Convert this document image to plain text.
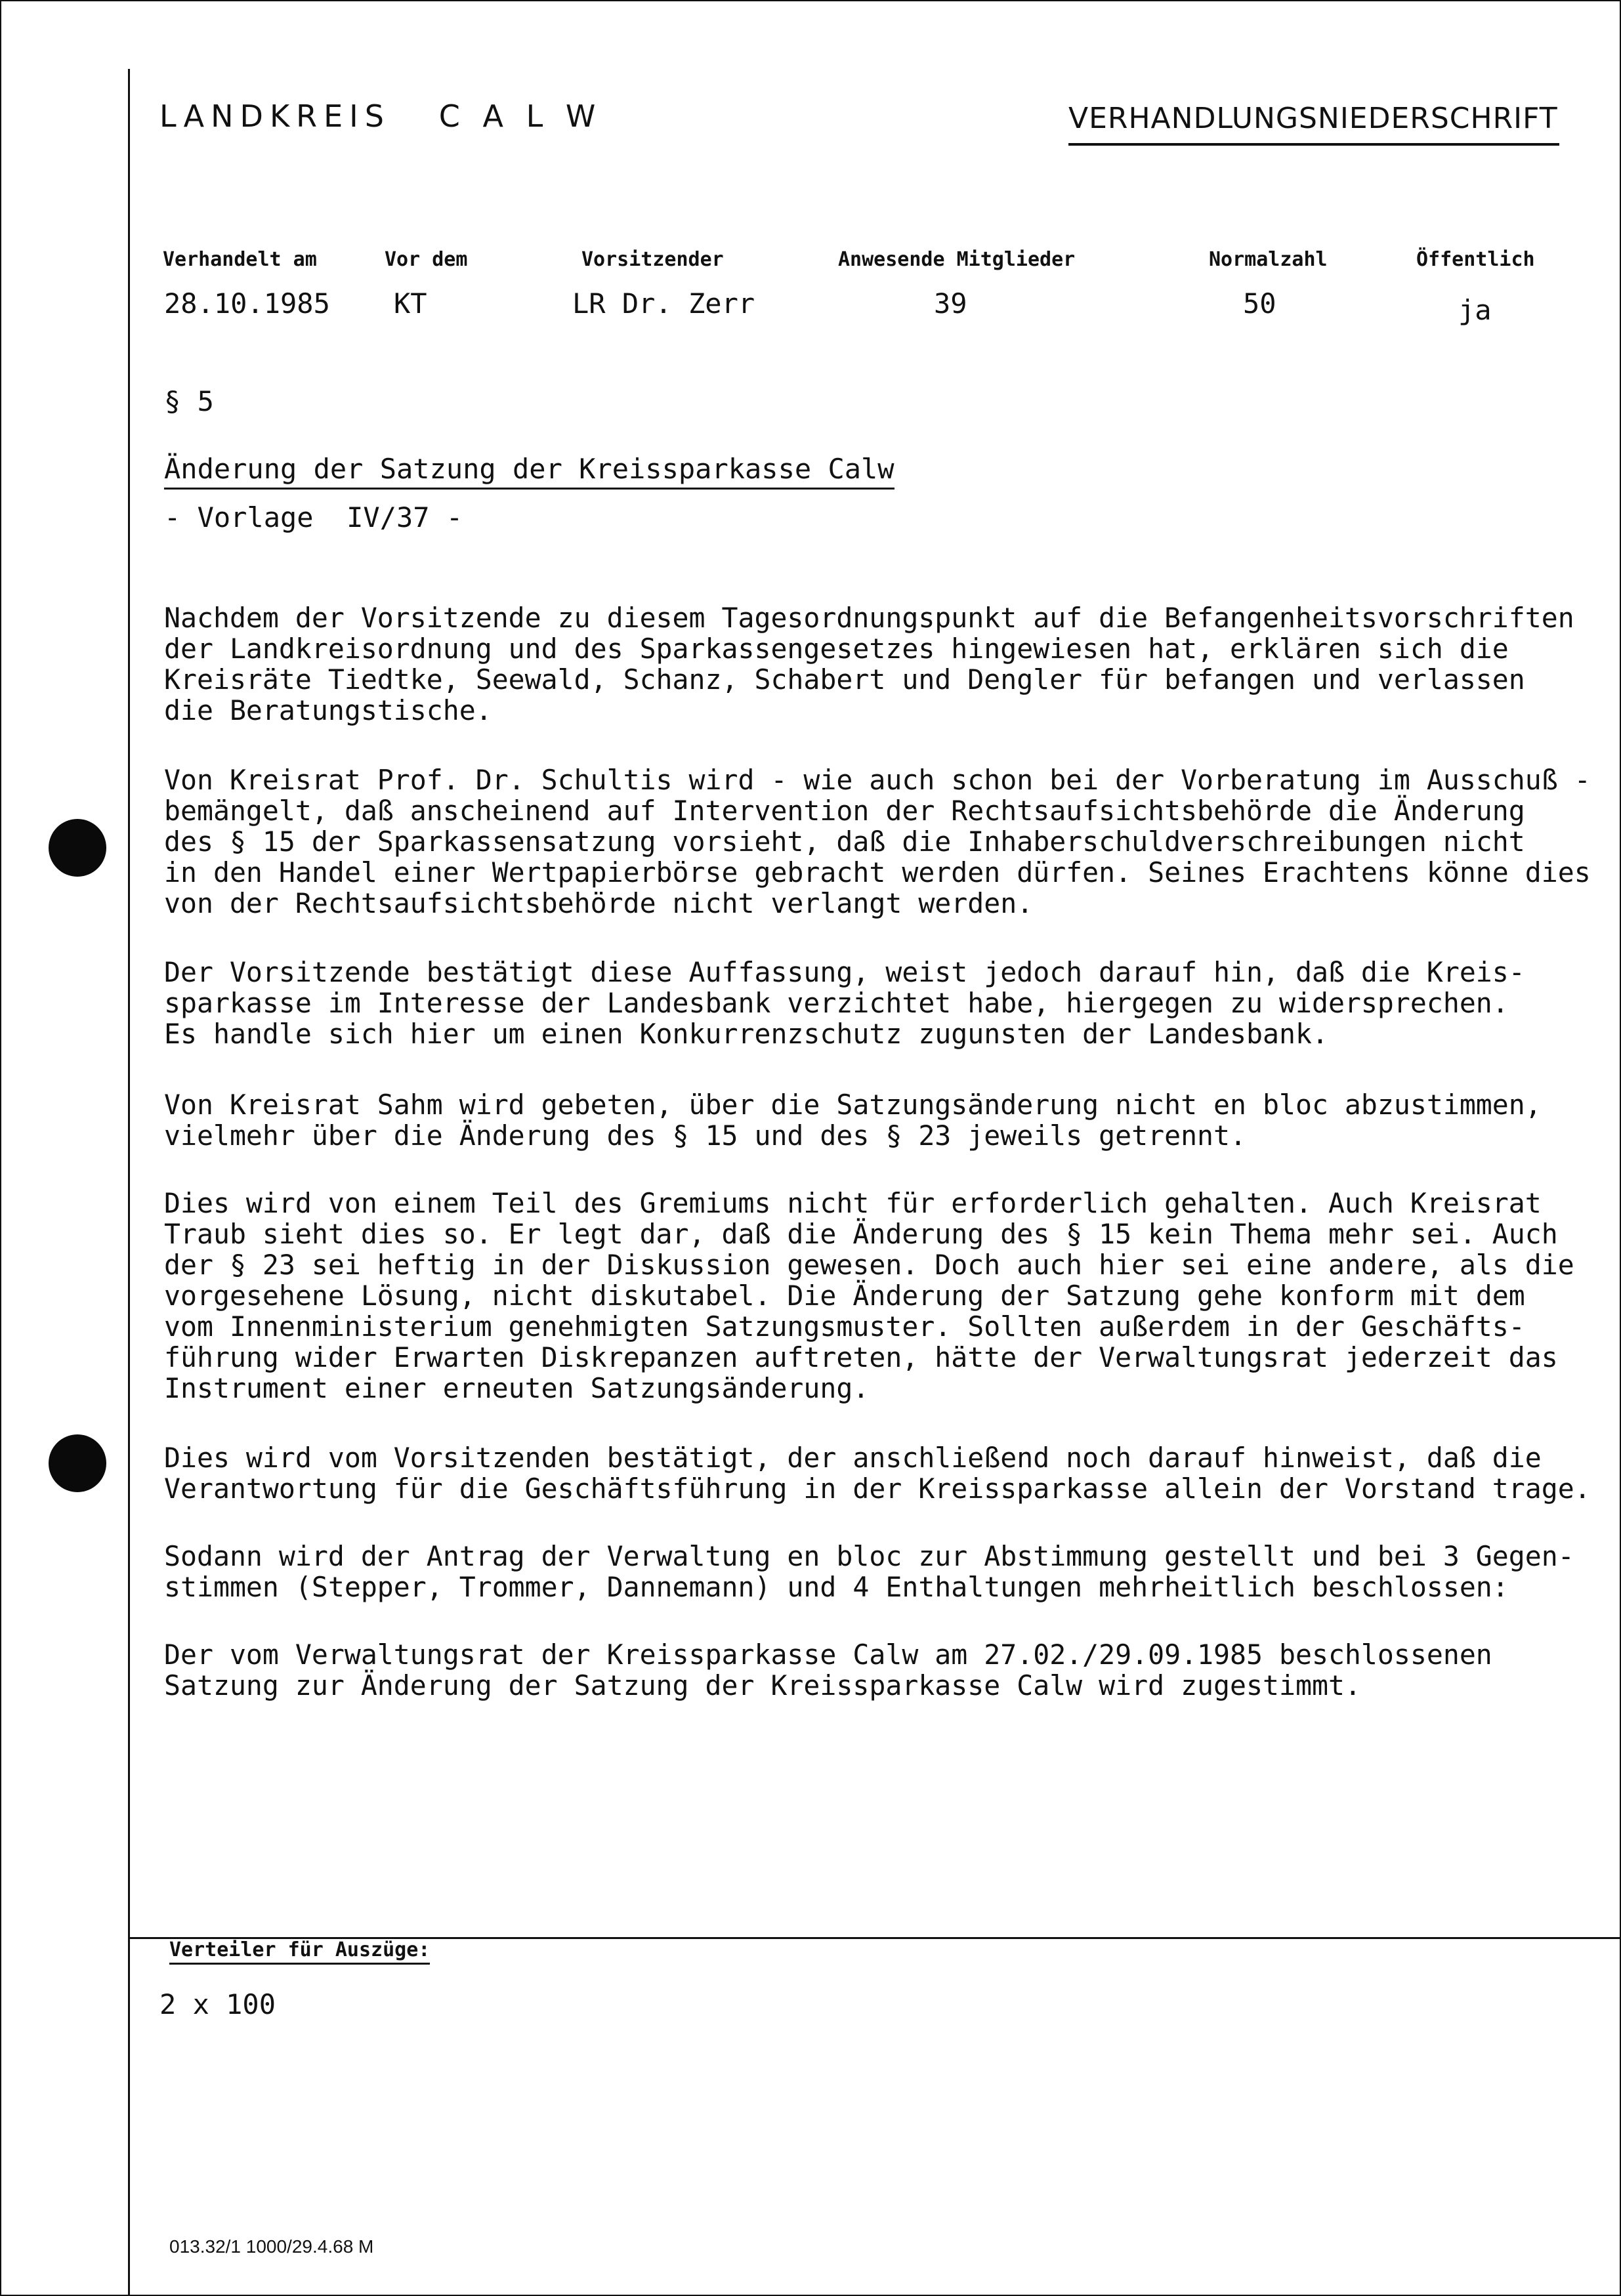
LANDKREIS   C A L W	VERHANDLUNGSNIEDERSCHRIFT
Verhandelt am	Vor dem	Vorsitzender	Anwesende Mitglieder	Normalzahl	Öffentlich
28.10.1985 KT	LR Dr. Zerr	39	50	ja
§ 5
Änderung der Satzung der Kreissparkasse Calw
- Vorlage  IV/37 -

Nachdem der Vorsitzende zu diesem Tagesordnungspunkt auf die Befangenheitsvorschriften
der Landkreisordnung und des Sparkassengesetzes hingewiesen hat, erklären sich die
Kreisräte Tiedtke, Seewald, Schanz, Schabert und Dengler für befangen und verlassen
die Beratungstische.

Von Kreisrat Prof. Dr. Schultis wird - wie auch schon bei der Vorberatung im Ausschuß -
bemängelt, daß anscheinend auf Intervention der Rechtsaufsichtsbehörde die Änderung
des § 15 der Sparkassensatzung vorsieht, daß die Inhaberschuldverschreibungen nicht
in den Handel einer Wertpapierbörse gebracht werden dürfen. Seines Erachtens könne dies
von der Rechtsaufsichtsbehörde nicht verlangt werden.

Der Vorsitzende bestätigt diese Auffassung, weist jedoch darauf hin, daß die Kreis-
sparkasse im Interesse der Landesbank verzichtet habe, hiergegen zu widersprechen.
Es handle sich hier um einen Konkurrenzschutz zugunsten der Landesbank.

Von Kreisrat Sahm wird gebeten, über die Satzungsänderung nicht en bloc abzustimmen,
vielmehr über die Änderung des § 15 und des § 23 jeweils getrennt.

Dies wird von einem Teil des Gremiums nicht für erforderlich gehalten. Auch Kreisrat
Traub sieht dies so. Er legt dar, daß die Änderung des § 15 kein Thema mehr sei. Auch
der § 23 sei heftig in der Diskussion gewesen. Doch auch hier sei eine andere, als die
vorgesehene Lösung, nicht diskutabel. Die Änderung der Satzung gehe konform mit dem
vom Innenministerium genehmigten Satzungsmuster. Sollten außerdem in der Geschäfts-
führung wider Erwarten Diskrepanzen auftreten, hätte der Verwaltungsrat jederzeit das
Instrument einer erneuten Satzungsänderung.

Dies wird vom Vorsitzenden bestätigt, der anschließend noch darauf hinweist, daß die
Verantwortung für die Geschäftsführung in der Kreissparkasse allein der Vorstand trage.

Sodann wird der Antrag der Verwaltung en bloc zur Abstimmung gestellt und bei 3 Gegen-
stimmen (Stepper, Trommer, Dannemann) und 4 Enthaltungen mehrheitlich beschlossen:

Der vom Verwaltungsrat der Kreissparkasse Calw am 27.02./29.09.1985 beschlossenen
Satzung zur Änderung der Satzung der Kreissparkasse Calw wird zugestimmt.

Verteiler für Auszüge:
2 x 100
013.32/1 1000/29.4.68 M
